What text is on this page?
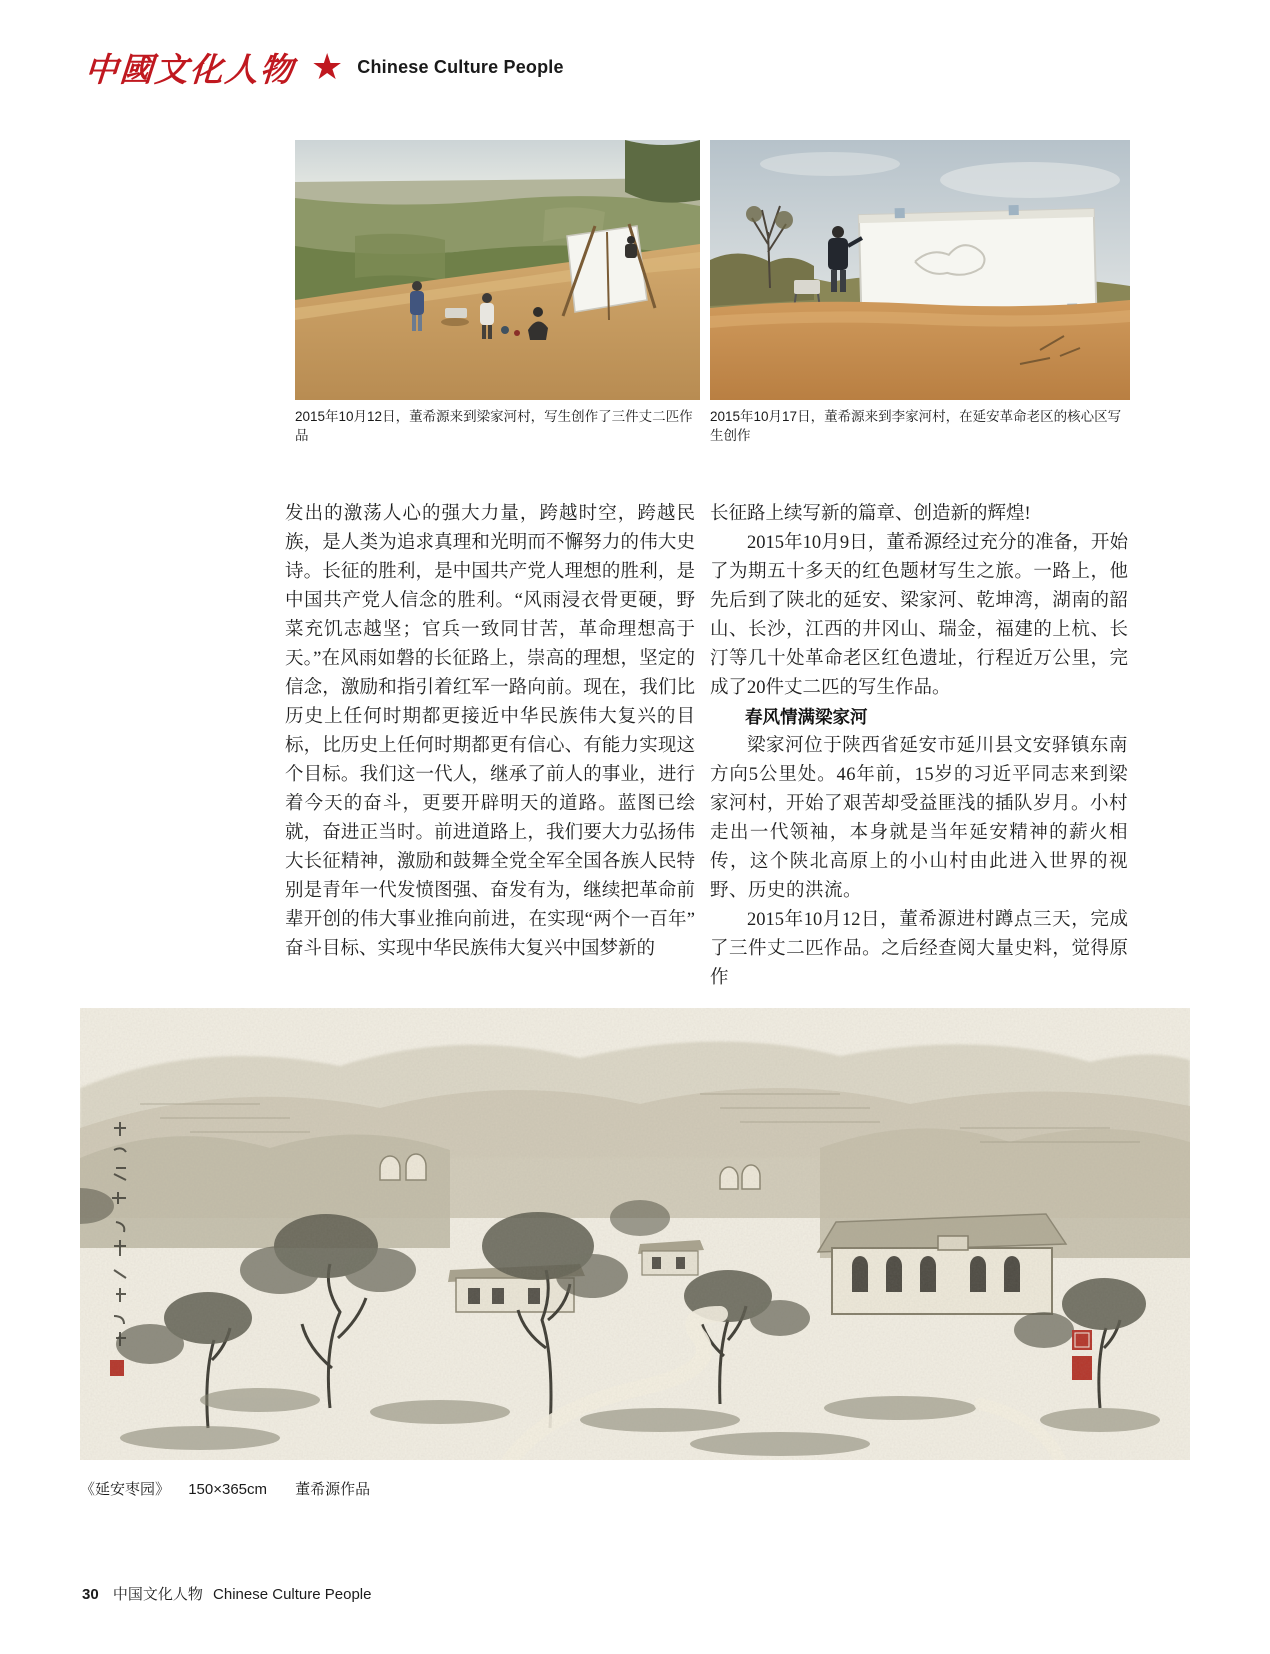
中國文化人物 ★ Chinese Culture People
2015年10月12日，董希源来到梁家河村，写生创作了三件丈二匹作品
2015年10月17日，董希源来到李家河村，在延安革命老区的核心区写生创作

发出的激荡人心的强大力量，跨越时空，跨越民族，是人类为追求真理和光明而不懈努力的伟大史诗。长征的胜利，是中国共产党人理想的胜利，是中国共产党人信念的胜利。“风雨浸衣骨更硬，野菜充饥志越坚；官兵一致同甘苦，革命理想高于天。”在风雨如磐的长征路上，崇高的理想，坚定的信念，激励和指引着红军一路向前。现在，我们比历史上任何时期都更接近中华民族伟大复兴的目标，比历史上任何时期都更有信心、有能力实现这个目标。我们这一代人，继承了前人的事业，进行着今天的奋斗，更要开辟明天的道路。蓝图已绘就，奋进正当时。前进道路上，我们要大力弘扬伟大长征精神，激励和鼓舞全党全军全国各族人民特别是青年一代发愤图强、奋发有为，继续把革命前辈开创的伟大事业推向前进，在实现“两个一百年”奋斗目标、实现中华民族伟大复兴中国梦新的

长征路上续写新的篇章、创造新的辉煌!

2015年10月9日，董希源经过充分的准备，开始了为期五十多天的红色题材写生之旅。一路上，他先后到了陕北的延安、梁家河、乾坤湾，湖南的韶山、长沙，江西的井冈山、瑞金，福建的上杭、长汀等几十处革命老区红色遗址，行程近万公里，完成了20件丈二匹的写生作品。

春风情满梁家河

梁家河位于陕西省延安市延川县文安驿镇东南方向5公里处。46年前，15岁的习近平同志来到梁家河村，开始了艰苦却受益匪浅的插队岁月。小村走出一代领袖，本身就是当年延安精神的薪火相传，这个陕北高原上的小山村由此进入世界的视野、历史的洪流。

2015年10月12日，董希源进村蹲点三天，完成了三件丈二匹作品。之后经查阅大量史料，觉得原作

《延安枣园》 150×365cm 董希源作品
30 中国文化人物 Chinese Culture People
